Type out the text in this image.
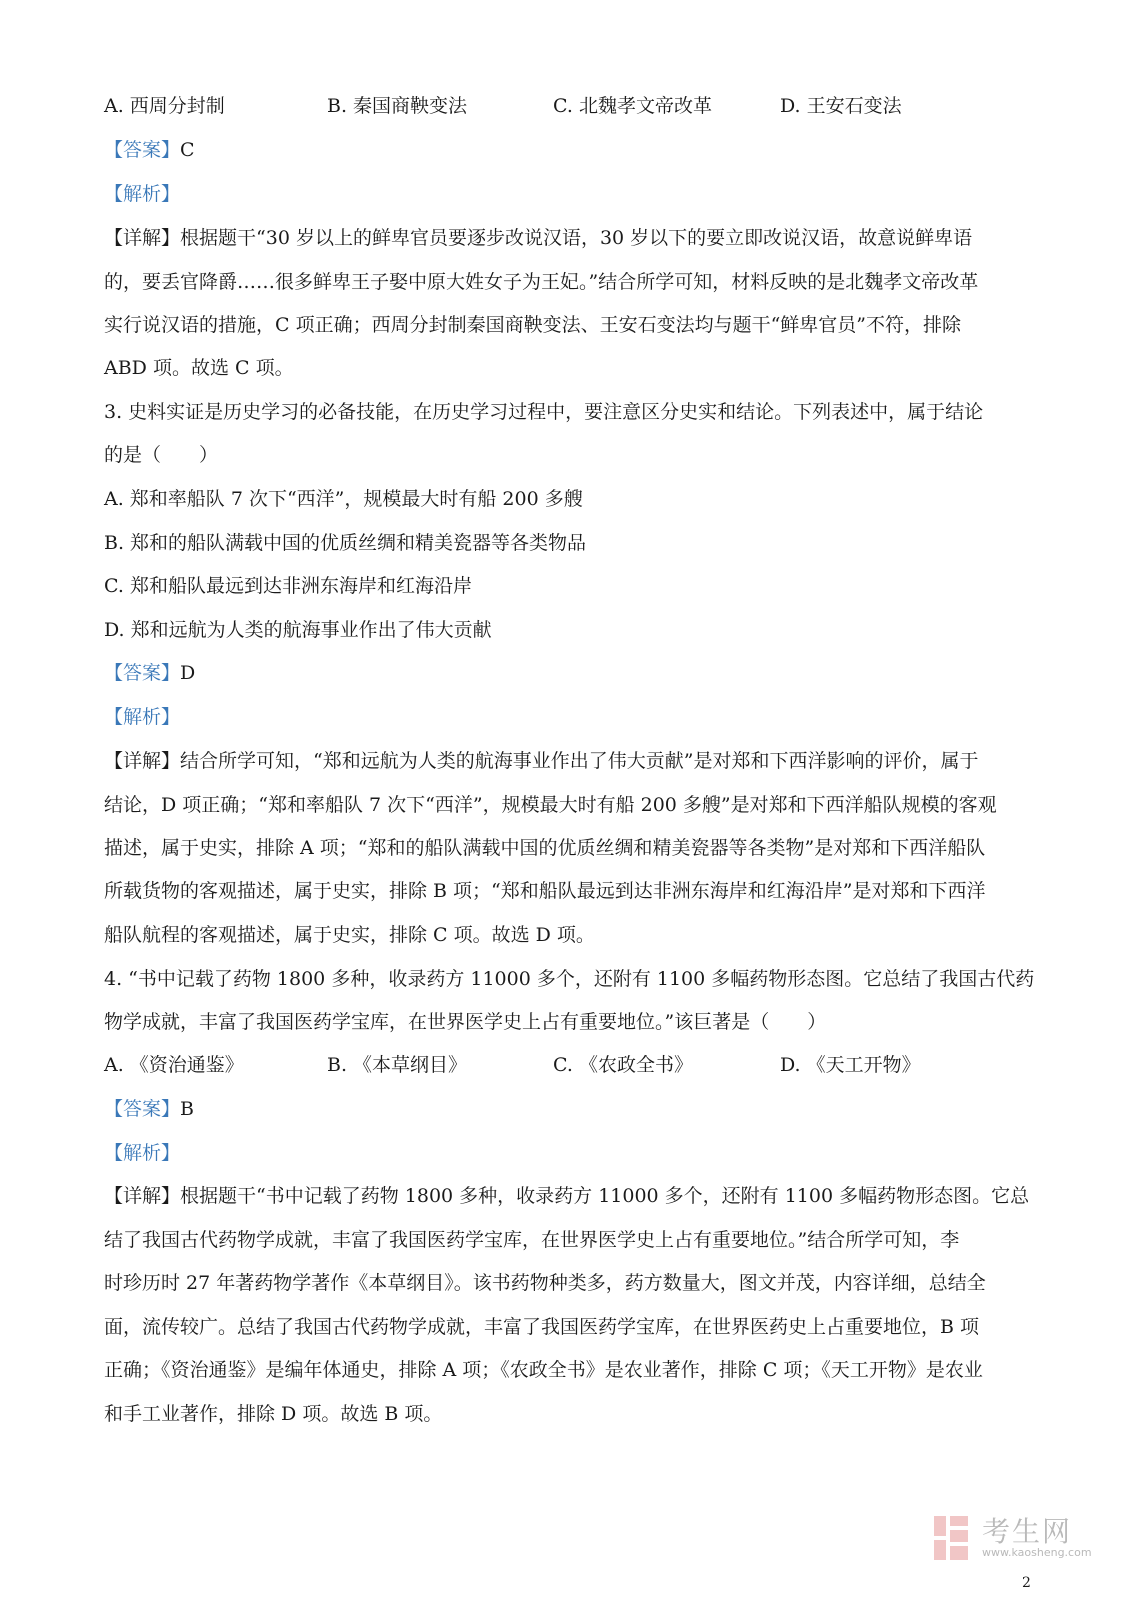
A. 西周分封制	B. 秦国商鞅变法	C. 北魏孝文帝改革	D. 王安石变法
【答案】C
【解析】
【详解】根据题干“30 岁以上的鲜卑官员要逐步改说汉语，30 岁以下的要立即改说汉语，故意说鲜卑语
的，要丢官降爵……很多鲜卑王子娶中原大姓女子为王妃。”结合所学可知，材料反映的是北魏孝文帝改革
实行说汉语的措施，C 项正确；西周分封制秦国商鞅变法、王安石变法均与题干“鲜卑官员”不符，排除
ABD 项。故选 C 项。
3. 史料实证是历史学习的必备技能，在历史学习过程中，要注意区分史实和结论。下列表述中，属于结论
的是（　　）
A. 郑和率船队 7 次下“西洋”，规模最大时有船 200 多艘
B. 郑和的船队满载中国的优质丝绸和精美瓷器等各类物品
C. 郑和船队最远到达非洲东海岸和红海沿岸
D. 郑和远航为人类的航海事业作出了伟大贡献
【答案】D
【解析】
【详解】结合所学可知，“郑和远航为人类的航海事业作出了伟大贡献”是对郑和下西洋影响的评价，属于
结论，D 项正确；“郑和率船队 7 次下“西洋”，规模最大时有船 200 多艘”是对郑和下西洋船队规模的客观
描述，属于史实，排除 A 项；“郑和的船队满载中国的优质丝绸和精美瓷器等各类物”是对郑和下西洋船队
所载货物的客观描述，属于史实，排除 B 项；“郑和船队最远到达非洲东海岸和红海沿岸”是对郑和下西洋
船队航程的客观描述，属于史实，排除 C 项。故选 D 项。
4. “书中记载了药物 1800 多种，收录药方 11000 多个，还附有 1100 多幅药物形态图。它总结了我国古代药
物学成就，丰富了我国医药学宝库，在世界医学史上占有重要地位。”该巨著是（　　）
A. 《资治通鉴》	B. 《本草纲目》	C. 《农政全书》	D. 《天工开物》
【答案】B
【解析】
【详解】根据题干“书中记载了药物 1800 多种，收录药方 11000 多个，还附有 1100 多幅药物形态图。它总
结了我国古代药物学成就，丰富了我国医药学宝库，在世界医学史上占有重要地位。”结合所学可知，李
时珍历时 27 年著药物学著作《本草纲目》。该书药物种类多，药方数量大，图文并茂，内容详细，总结全
面，流传较广。总结了我国古代药物学成就，丰富了我国医药学宝库，在世界医药史上占重要地位，B 项
正确；《资治通鉴》是编年体通史，排除 A 项；《农政全书》是农业著作，排除 C 项；《天工开物》是农业
和手工业著作，排除 D 项。故选 B 项。
考生网
www.kaosheng.com
2
